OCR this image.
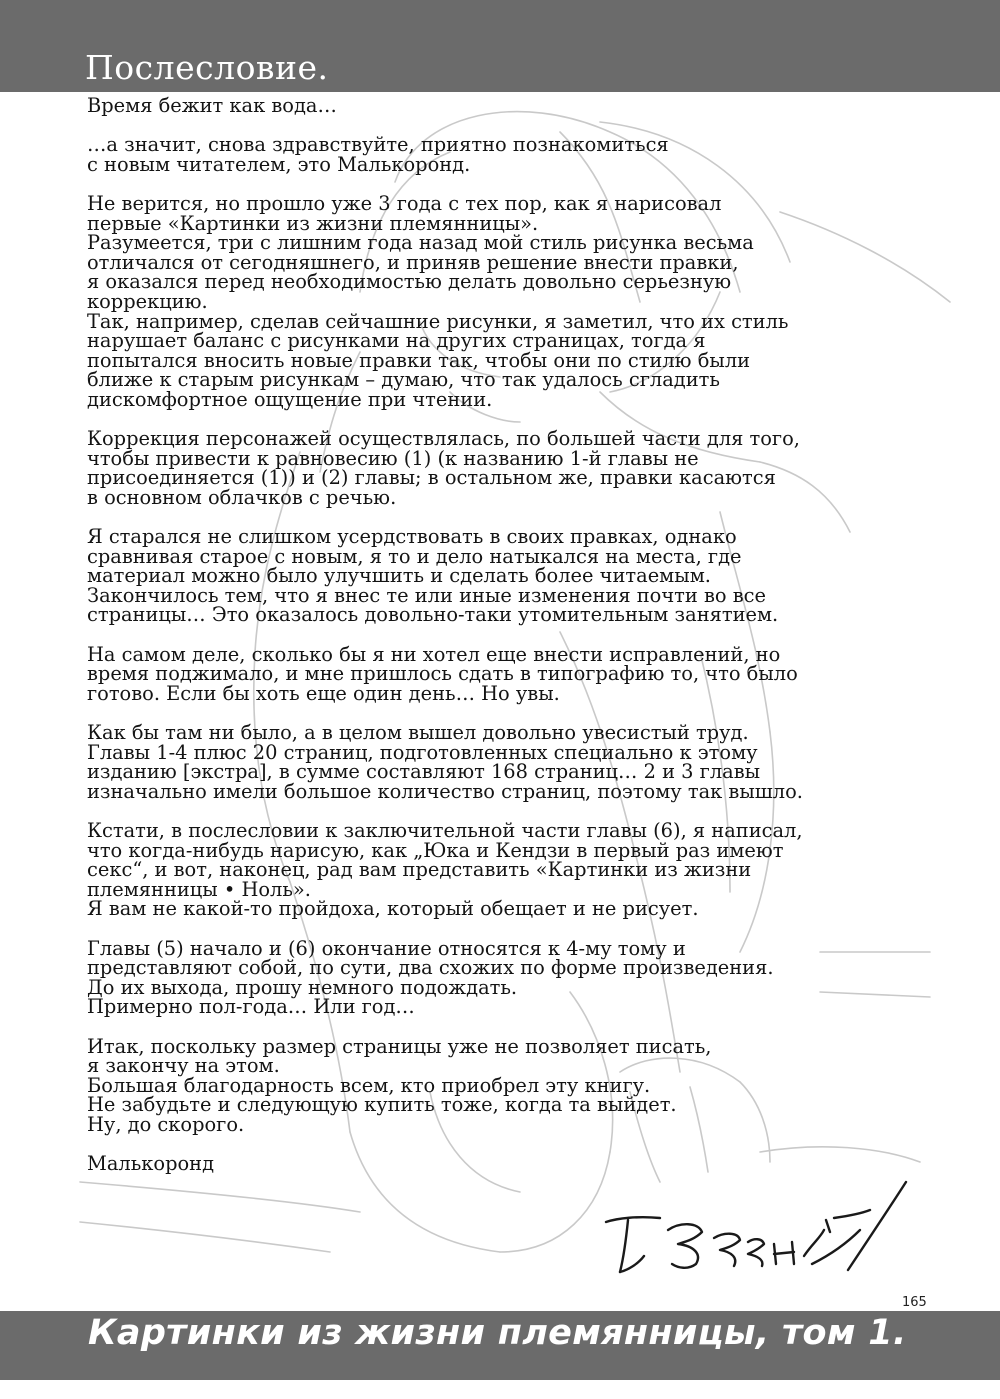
Послесловие.

Время бежит как вода…

…а значит, снова здравствуйте, приятно познакомиться
с новым читателем, это Малькоронд.

Не верится, но прошло уже 3 года с тех пор, как я нарисовал
первые «Картинки из жизни племянницы».
Разумеется, три с лишним года назад мой стиль рисунка весьма
отличался от сегодняшнего, и приняв решение внести правки,
я оказался перед необходимостью делать довольно серьезную
коррекцию.
Так, например, сделав сейчашние рисунки, я заметил, что их стиль
нарушает баланс с рисунками на других страницах, тогда я
попытался вносить новые правки так, чтобы они по стилю были
ближе к старым рисункам – думаю, что так удалось сгладить
дискомфортное ощущение при чтении.

Коррекция персонажей осуществлялась, по большей части для того,
чтобы привести к равновесию (1) (к названию 1-й главы не
присоединяется (1)) и (2) главы; в остальном же, правки касаются
в основном облачков с речью.

Я старался не слишком усердствовать в своих правках, однако
сравнивая старое с новым, я то и дело натыкался на места, где
материал можно было улучшить и сделать более читаемым.
Закончилось тем, что я внес те или иные изменения почти во все
страницы… Это оказалось довольно-таки утомительным занятием.

На самом деле, сколько бы я ни хотел еще внести исправлений, но
время поджимало, и мне пришлось сдать в типографию то, что было
готово. Если бы хоть еще один день… Но увы.

Как бы там ни было, а в целом вышел довольно увесистый труд.
Главы 1-4 плюс 20 страниц, подготовленных специально к этому
изданию [экстра], в сумме составляют 168 страниц… 2 и 3 главы
изначально имели большое количество страниц, поэтому так вышло.

Кстати, в послесловии к заключительной части главы (6), я написал,
что когда-нибудь нарисую, как „Юка и Кендзи в первый раз имеют
секс“, и вот, наконец, рад вам представить «Картинки из жизни
племянницы • Ноль».
Я вам не какой-то пройдоха, который обещает и не рисует.

Главы (5) начало и (6) окончание относятся к 4-му тому и
представляют собой, по сути, два схожих по форме произведения.
До их выхода, прошу немного подождать.
Примерно пол-года… Или год…

Итак, поскольку размер страницы уже не позволяет писать,
я закончу на этом.
Большая благодарность всем, кто приобрел эту книгу.
Не забудьте и следующую купить тоже, когда та выйдет.
Ну, до скорого.

Малькоронд

165
Картинки из жизни племянницы, том 1.
